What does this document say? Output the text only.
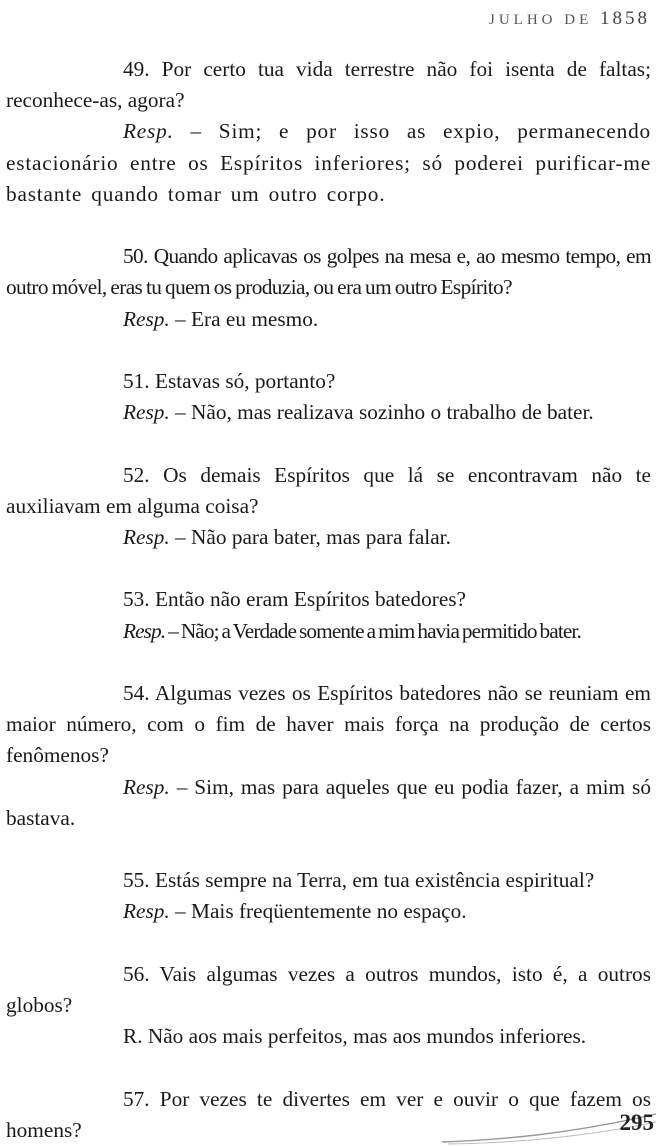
JULHO DE 1858

49. Por certo tua vida terrestre não foi isenta de faltas; reconhece-as, agora?

Resp. – Sim; e por isso as expio, permanecendo estacionário entre os Espíritos inferiores; só poderei purificar-me bastante quando tomar um outro corpo.

50. Quando aplicavas os golpes na mesa e, ao mesmo tempo, em outro móvel, eras tu quem os produzia, ou era um outro Espírito?

Resp. – Era eu mesmo.

51. Estavas só, portanto?

Resp. – Não, mas realizava sozinho o trabalho de bater.

52. Os demais Espíritos que lá se encontravam não te auxiliavam em alguma coisa?

Resp. – Não para bater, mas para falar.

53. Então não eram Espíritos batedores?

Resp. – Não; a Verdade somente a mim havia permitido bater.

54. Algumas vezes os Espíritos batedores não se reuniam em maior número, com o fim de haver mais força na produção de certos fenômenos?

Resp. – Sim, mas para aqueles que eu podia fazer, a mim só bastava.

55. Estás sempre na Terra, em tua existência espiritual?

Resp. – Mais freqüentemente no espaço.

56. Vais algumas vezes a outros mundos, isto é, a outros globos?

R. Não aos mais perfeitos, mas aos mundos inferiores.

57. Por vezes te divertes em ver e ouvir o que fazem os homens?	295
